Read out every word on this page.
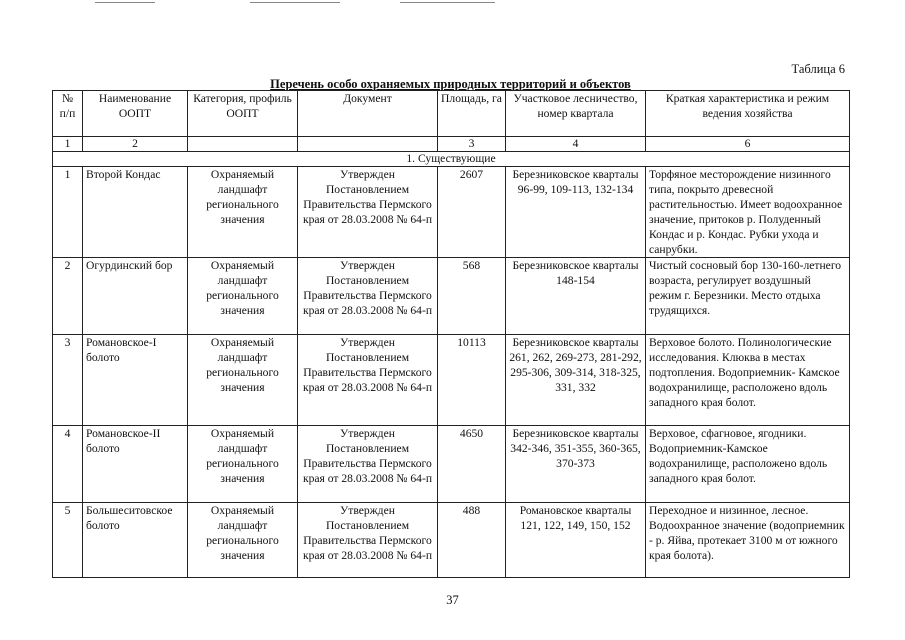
Таблица 6
Перечень особо охраняемых природных территорий и объектов
№ п/п	Наименование ООПТ	Категория, профиль ООПТ	Документ	Площадь, га	Участковое лесничество, номер квартала	Краткая характеристика и режим ведения хозяйства
1	2			3	4	6
1. Существующие						
1	Второй Кондас	Охраняемый ландшафт регионального значения	Утвержден Постановлением Правительства Пермского края от 28.03.2008 № 64-п	2607	Березниковское кварталы 96-99, 109-113, 132-134	Торфяное месторождение низинного типа, покрыто древесной растительностью. Имеет водоохранное значение, притоков р. Полуденный Кондас и р. Кондас. Рубки ухода и санрубки.
2	Огурдинский бор	Охраняемый ландшафт регионального значения	Утвержден Постановлением Правительства Пермского края от 28.03.2008 № 64-п	568	Березниковское кварталы 148-154	Чистый сосновый бор 130-160-летнего возраста, регулирует воздушный режим г. Березники. Место отдыха трудящихся.
3	Романовское-I болото	Охраняемый ландшафт регионального значения	Утвержден Постановлением Правительства Пермского края от 28.03.2008 № 64-п	10113	Березниковское кварталы 261, 262, 269-273, 281-292, 295-306, 309-314, 318-325, 331, 332	Верховое болото. Полинологические исследования. Клюква в местах подтопления. Водоприемник- Камское водохранилище, расположено вдоль западного края болот.
4	Романовское-II болото	Охраняемый ландшафт регионального значения	Утвержден Постановлением Правительства Пермского края от 28.03.2008 № 64-п	4650	Березниковское кварталы 342-346, 351-355, 360-365, 370-373	Верховое, сфагновое, ягодники. Водоприемник-Камское водохранилище, расположено вдоль западного края болот.
5	Большеситовское болото	Охраняемый ландшафт регионального значения	Утвержден Постановлением Правительства Пермского края от 28.03.2008 № 64-п	488	Романовское кварталы 121, 122, 149, 150, 152	Переходное и низинное, лесное. Водоохранное значение (водоприемник - р. Яйва, протекает 3100 м от южного края болота).
37
